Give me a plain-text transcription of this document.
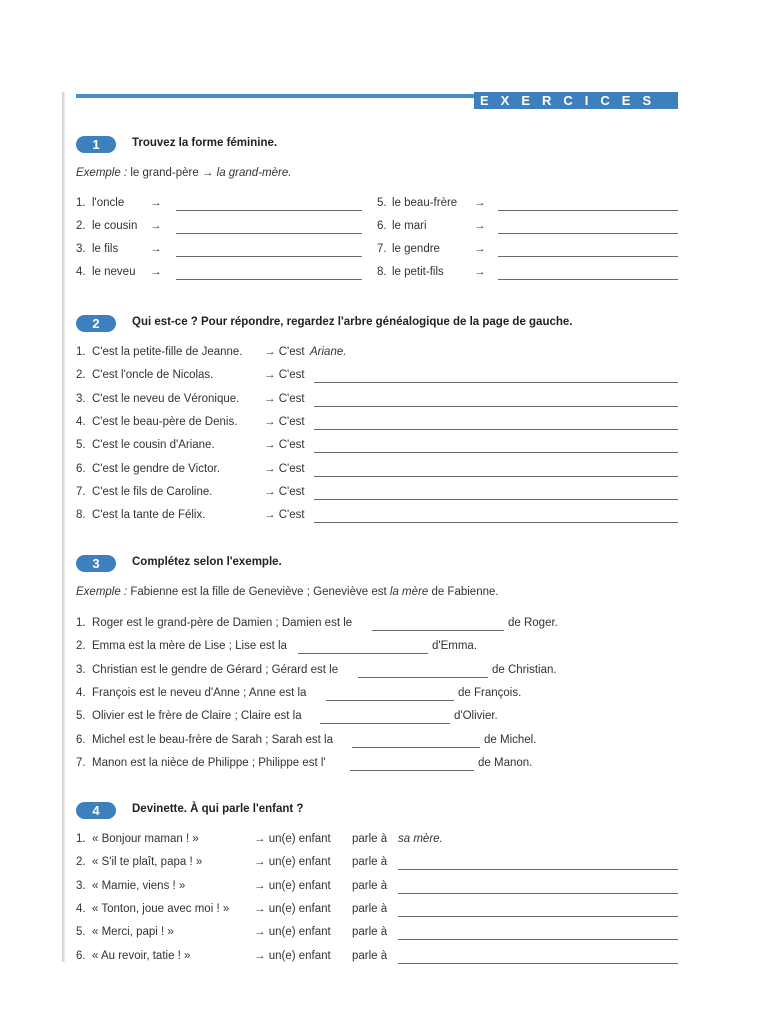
EXERCICES
1	Trouvez la forme féminine.
Exemple : le grand-père → la grand-mère.
1. l'oncle →
2. le cousin →
3. le fils	→
4. le neveu →
5. le beau-frère →
6. le mari	→
7. le gendre	→
8. le petit-fils	→
2	Qui est-ce ? Pour répondre, regardez l'arbre généalogique de la page de gauche.
1. C'est la petite-fille de Jeanne. → C'est Ariane.
2. C'est l'oncle de Nicolas.	→ C'est
3. C'est le neveu de Véronique. → C'est
4. C'est le beau-père de Denis. → C'est
5. C'est le cousin d'Ariane.	→ C'est
6. C'est le gendre de Victor.	→ C'est
7. C'est le fils de Caroline.	→ C'est
8. C'est la tante de Félix.	→ C'est
3	Complétez selon l'exemple.
Exemple : Fabienne est la fille de Geneviève ; Geneviève est la mère de Fabienne.
1. Roger est le grand-père de Damien ; Damien est le	de Roger.
2. Emma est la mère de Lise ; Lise est la	d'Emma.
3. Christian est le gendre de Gérard ; Gérard est le	de Christian.
4. François est le neveu d'Anne ; Anne est la	de François.
5. Olivier est le frère de Claire ; Claire est la	d'Olivier.
6. Michel est le beau-frère de Sarah ; Sarah est la	de Michel.
7. Manon est la nièce de Philippe ; Philippe est l'	de Manon.
4	Devinette. À qui parle l'enfant ?
1. « Bonjour maman ! »	→ un(e) enfant parle à sa mère.
2. « S'il te plaît, papa ! »	→ un(e) enfant parle à
3. « Mamie, viens ! »	→ un(e) enfant parle à
4. « Tonton, joue avec moi ! » → un(e) enfant parle à
5. « Merci, papi ! »	→ un(e) enfant parle à
6. « Au revoir, tatie ! »	→ un(e) enfant parle à
